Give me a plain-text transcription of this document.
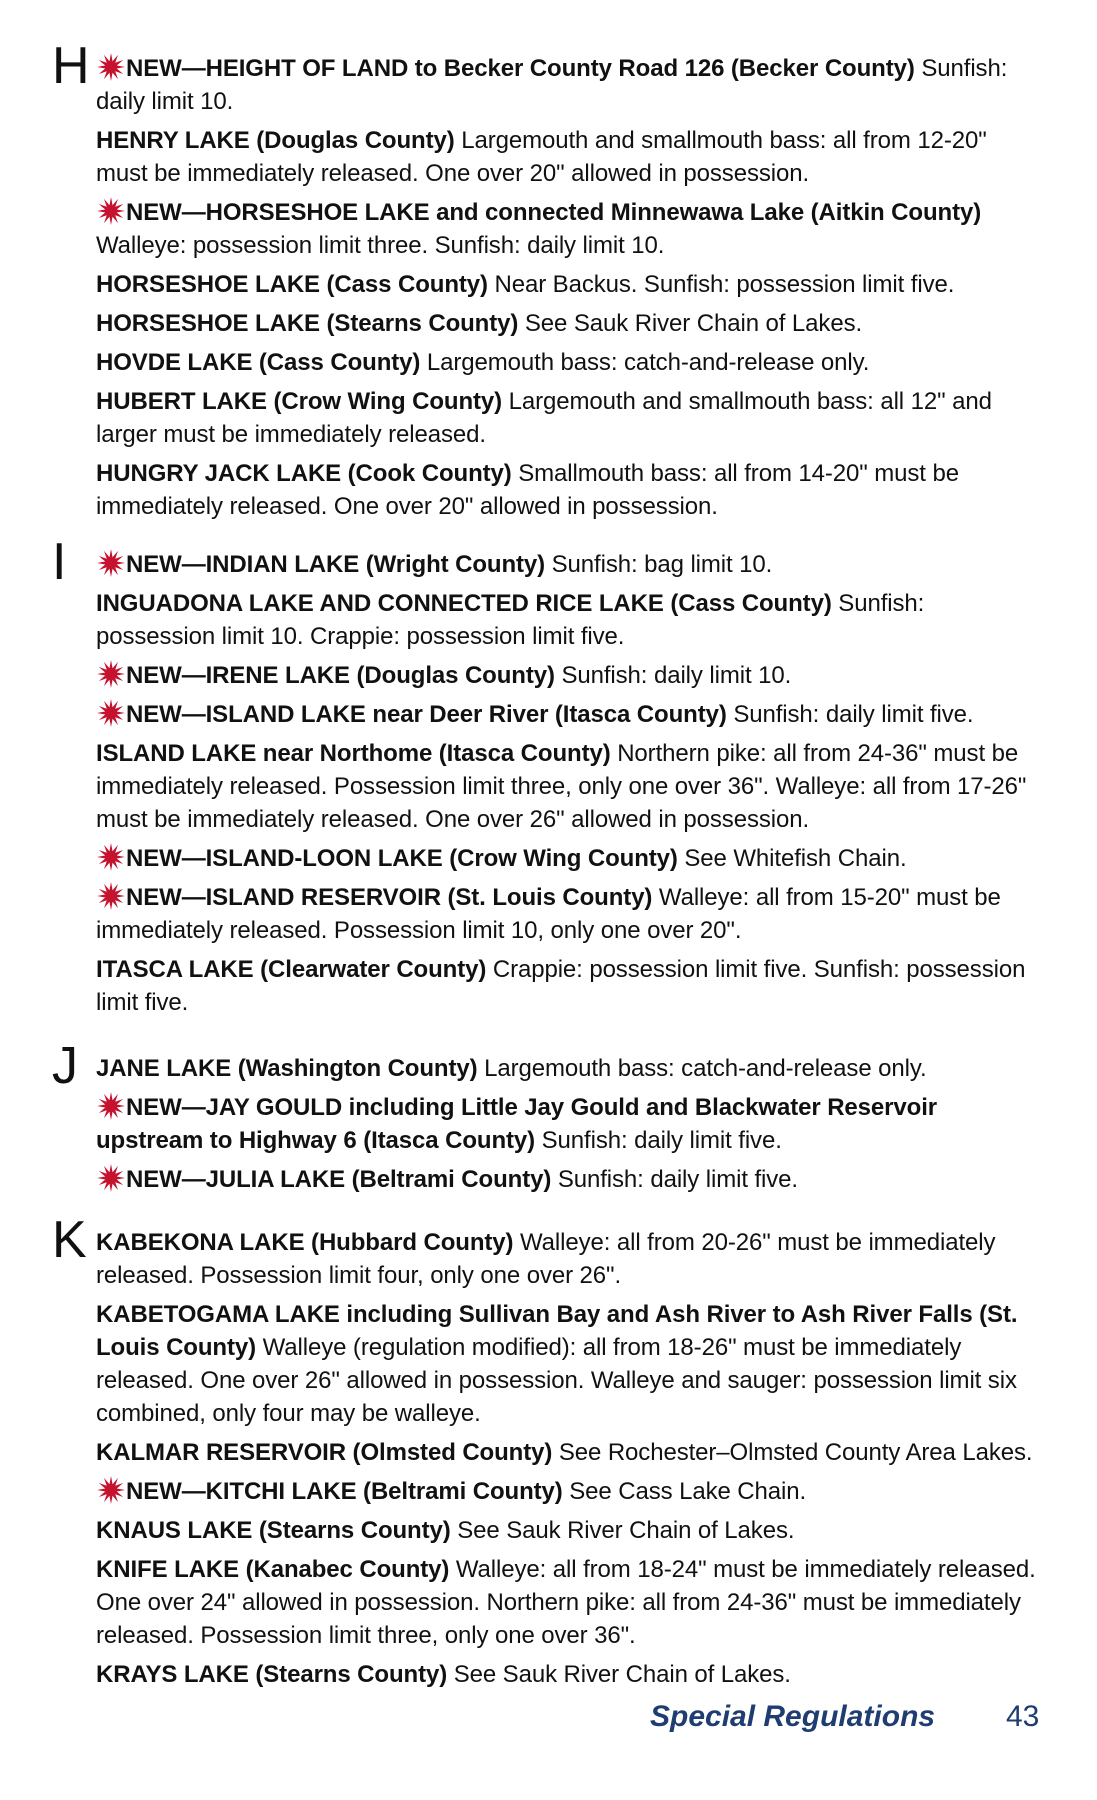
H	NEW—HEIGHT OF LAND to Becker County Road 126 (Becker County) Sunfish: daily limit 10.

HENRY LAKE (Douglas County) Largemouth and smallmouth bass: all from 12-20" must be immediately released. One over 20" allowed in possession.

NEW—HORSESHOE LAKE and connected Minnewawa Lake (Aitkin County) Walleye: possession limit three. Sunfish: daily limit 10.

HORSESHOE LAKE (Cass County) Near Backus. Sunfish: possession limit five.

HORSESHOE LAKE (Stearns County) See Sauk River Chain of Lakes.

HOVDE LAKE (Cass County) Largemouth bass: catch-and-release only.

HUBERT LAKE (Crow Wing County) Largemouth and smallmouth bass: all 12" and larger must be immediately released.

HUNGRY JACK LAKE (Cook County) Smallmouth bass: all from 14-20" must be immediately released. One over 20" allowed in possession.

I	NEW—INDIAN LAKE (Wright County) Sunfish: bag limit 10.

INGUADONA LAKE AND CONNECTED RICE LAKE (Cass County) Sunfish: possession limit 10. Crappie: possession limit five.

NEW—IRENE LAKE (Douglas County) Sunfish: daily limit 10.

NEW—ISLAND LAKE near Deer River (Itasca County) Sunfish: daily limit five.

ISLAND LAKE near Northome (Itasca County) Northern pike: all from 24-36" must be immediately released. Possession limit three, only one over 36". Walleye: all from 17-26" must be immediately released. One over 26" allowed in possession.

NEW—ISLAND-LOON LAKE (Crow Wing County) See Whitefish Chain.

NEW—ISLAND RESERVOIR (St. Louis County) Walleye: all from 15-20" must be immediately released. Possession limit 10, only one over 20".

ITASCA LAKE (Clearwater County) Crappie: possession limit five. Sunfish: possession limit five.

J JANE LAKE (Washington County) Largemouth bass: catch-and-release only.

NEW—JAY GOULD including Little Jay Gould and Blackwater Reservoir upstream to Highway 6 (Itasca County) Sunfish: daily limit five.

NEW—JULIA LAKE (Beltrami County) Sunfish: daily limit five.

K KABEKONA LAKE (Hubbard County) Walleye: all from 20-26" must be immediately released. Possession limit four, only one over 26".

KABETOGAMA LAKE including Sullivan Bay and Ash River to Ash River Falls (St. Louis County) Walleye (regulation modified): all from 18-26" must be immediately released. One over 26" allowed in possession. Walleye and sauger: possession limit six combined, only four may be walleye.

KALMAR RESERVOIR (Olmsted County) See Rochester–Olmsted County Area Lakes.

NEW—KITCHI LAKE (Beltrami County) See Cass Lake Chain.

KNAUS LAKE (Stearns County) See Sauk River Chain of Lakes.

KNIFE LAKE (Kanabec County) Walleye: all from 18-24" must be immediately released. One over 24" allowed in possession. Northern pike: all from 24-36" must be immediately released. Possession limit three, only one over 36".

KRAYS LAKE (Stearns County) See Sauk River Chain of Lakes.

Special Regulations 43
